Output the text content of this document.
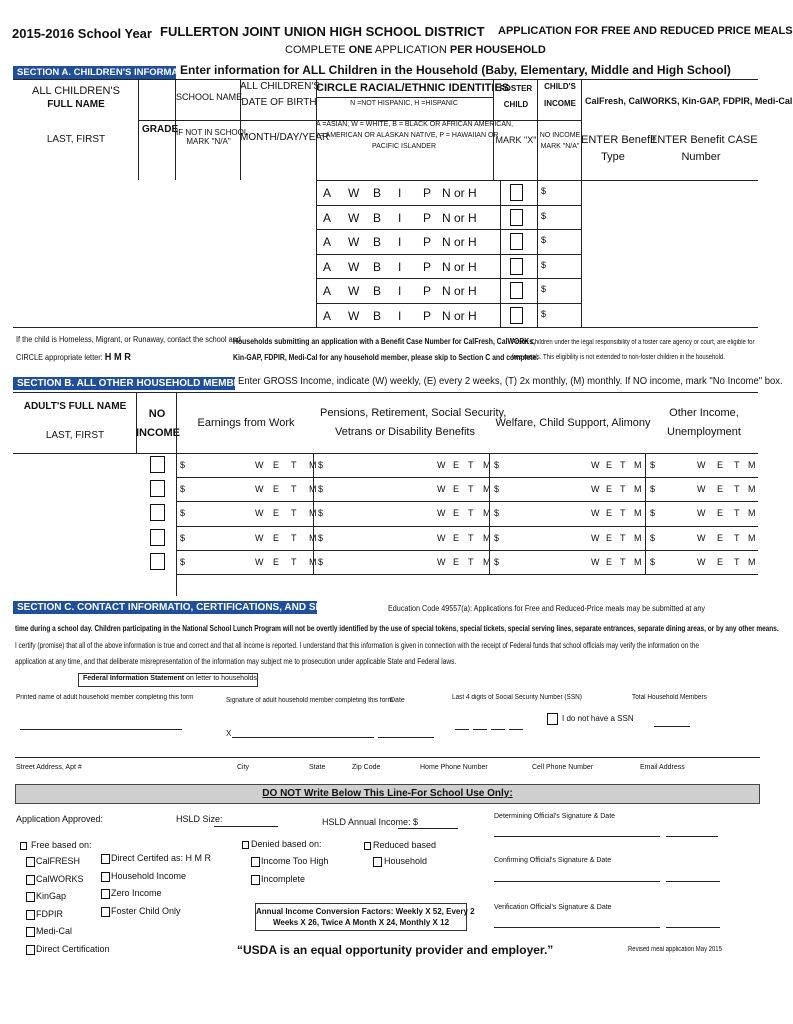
2015-2016 School Year FULLERTON JOINT UNION HIGH SCHOOL DISTRICT APPLICATION FOR FREE AND REDUCED PRICE MEALS
COMPLETE ONE APPLICATION PER HOUSEHOLD
SECTION A. CHILDREN'S INFORMATION:
Enter information for ALL Children in the Household (Baby, Elementary, Middle and High School)
ALL CHILDREN'S
FULL NAME
LAST, FIRST
GRADE
SCHOOL NAME
IF NOT IN SCHOOL
MARK "N/A"
ALL CHILDREN'S
DATE OF BIRTH
MONTH/DAY/YEAR
CIRCLE RACIAL/ETHNIC IDENTITIES
N =NOT HISPANIC, H =HISPANIC
A =ASIAN, W = WHITE, B = BLACK OR AFRICAN AMERICAN,
I = AMERICAN OR ALASKAN NATIVE, P = HAWAIIAN OR
PACIFIC ISLANDER
FOSTER
CHILD
MARK "X"
CHILD'S
INCOME
NO INCOME
MARK "N/A"
CalFresh, CalWORKS, Kin-GAP, FDPIR, Medi-Cal
ENTER Benefit
Type
ENTER Benefit CASE
Number
A W B I P N or H	$
A W B I P N or H	$
A W B I P N or H	$
A W B I P N or H	$
A W B I P N or H	$
A W B I P N or H	$
If the child is Homeless, Migrant, or Runaway, contact the school and
CIRCLE appropriate letter: H M R
Households submitting an application with a Benefit Case Number for CalFresh, CalWORKs,
Kin-GAP, FDPIR, Medi-Cal for any household member, please skip to Section C and complete.
Foster Children under the legal responsibility of a foster care agency or court, are eligible for
free meals. This eligibility is not extended to non-foster children in the household.
SECTION B. ALL OTHER HOUSEHOLD MEMBERS:
Enter GROSS Income, indicate (W) weekly, (E) every 2 weeks, (T) 2x monthly, (M) monthly. If NO income, mark "No Income" box.
ADULT'S FULL NAME
LAST, FIRST
NO
INCOME
Earnings from Work
Pensions, Retirement, Social Security,
Vetrans or Disability Benefits
Welfare, Child Support, Alimony
Other Income,
Unemployment
$	W E T M $	W E T M $	W E T M $	W E T M
$	W E T M $	W E T M $	W E T M $	W E T M
$	W E T M $	W E T M $	W E T M $	W E T M
$	W E T M $	W E T M $	W E T M $	W E T M
$	W E T M $	W E T M $	W E T M $	W E T M
SECTION C. CONTACT INFORMATIO, CERTIFICATIONS, AND SIGNATURE: Education Code 49557(a): Applications for Free and Reduced-Price meals may be submitted at any
time during a school day. Children participating in the National School Lunch Program will not be overtly identified by the use of special tokens, special tickets, special serving lines, separate entrances, separate dining areas, or by any other means.
I certify (promise) that all of the above information is true and correct and that all income is reported. I understand that this information is given in connection with the receipt of Federal funds that school officials may verify the information on the
application at any time, and that deliberate misrepresentation of the information may subject me to prosecution under applicable State and Federal laws.
Federal Information Statement on letter to households
Printed name of adult household member completing this form	Signature of adult household member completing this form
Date	Last 4 digits of Social Security Number (SSN)	Total Household Members
I do not have a SSN
X
Street Address, Apt #	City	State	Zip Code	Home Phone Number	Cell Phone Number	Email Address
DO NOT Write Below This Line-For School Use Only:
Application Approved:	HSLD Size:	HSLD Annual Income: $
Determining Official's Signature & Date
Free based on:
CalFRESH
CalWORKS
KinGap
FDPIR
Medi-Cal
Direct Certification
Direct Certifed as: H M R
Household Income
Zero Income
Foster Child Only
Denied based on:
Income Too High
Incomplete
Reduced based
Household	Confirming Official's Signature & Date
Annual Income Conversion Factors: Weekly X 52, Every 2
Weeks X 26, Twice A Month X 24, Monthly X 12
Verification Official's Signature & Date
“USDA is an equal opportunity provider and employer.”	Revised meal application May 2015
